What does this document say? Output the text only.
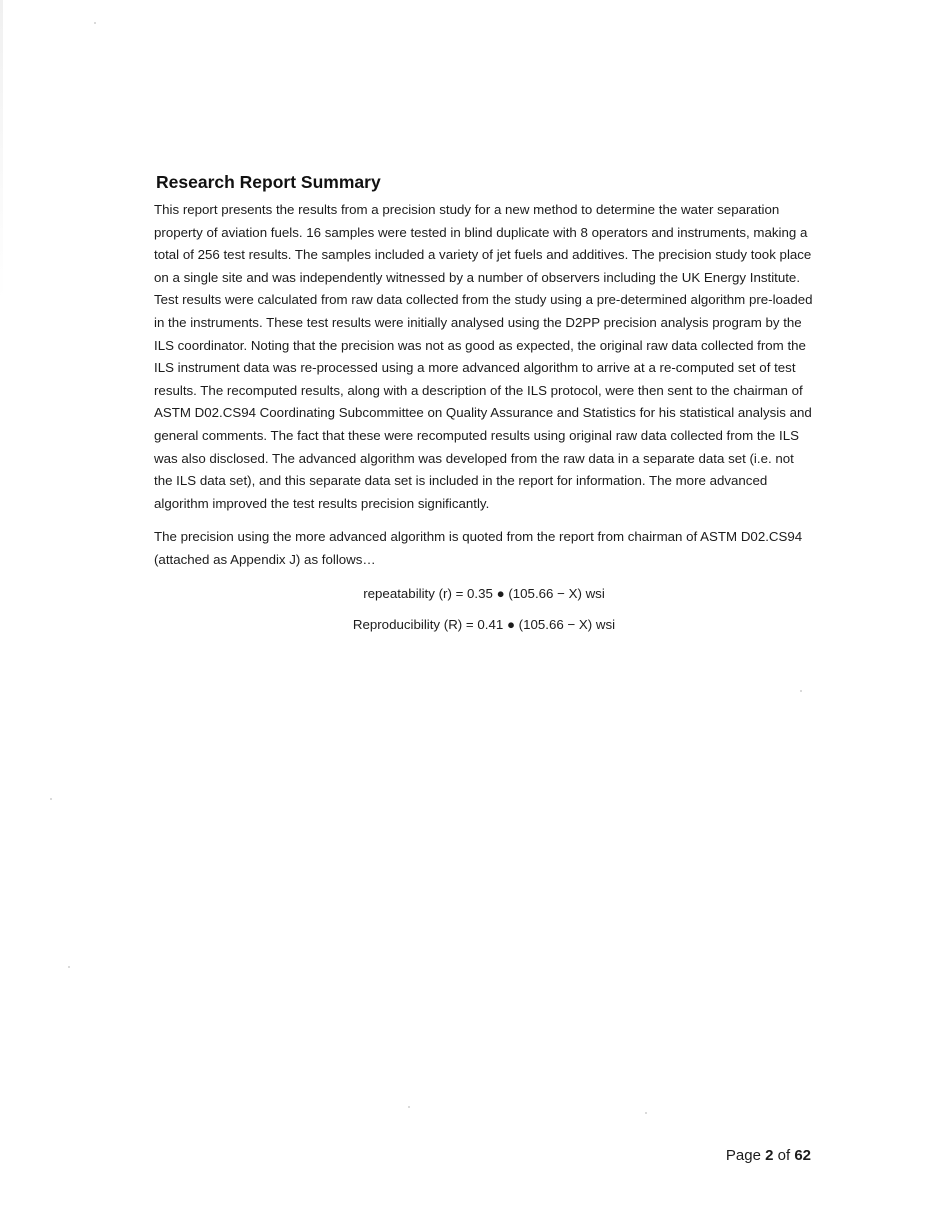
Research Report Summary

This report presents the results from a precision study for a new method to determine the water separation property of aviation fuels. 16 samples were tested in blind duplicate with 8 operators and instruments, making a total of 256 test results. The samples included a variety of jet fuels and additives. The precision study took place on a single site and was independently witnessed by a number of observers including the UK Energy Institute. Test results were calculated from raw data collected from the study using a pre-determined algorithm pre-loaded in the instruments. These test results were initially analysed using the D2PP precision analysis program by the ILS coordinator. Noting that the precision was not as good as expected, the original raw data collected from the ILS instrument data was re-processed using a more advanced algorithm to arrive at a re-computed set of test results. The recomputed results, along with a description of the ILS protocol, were then sent to the chairman of ASTM D02.CS94 Coordinating Subcommittee on Quality Assurance and Statistics for his statistical analysis and general comments. The fact that these were recomputed results using original raw data collected from the ILS was also disclosed. The advanced algorithm was developed from the raw data in a separate data set (i.e. not the ILS data set), and this separate data set is included in the report for information. The more advanced algorithm improved the test results precision significantly.

The precision using the more advanced algorithm is quoted from the report from chairman of ASTM D02.CS94 (attached as Appendix J) as follows…

repeatability (r) = 0.35 ● (105.66 − X) wsi
Reproducibility (R) = 0.41 ● (105.66 − X) wsi
Page 2 of 62
